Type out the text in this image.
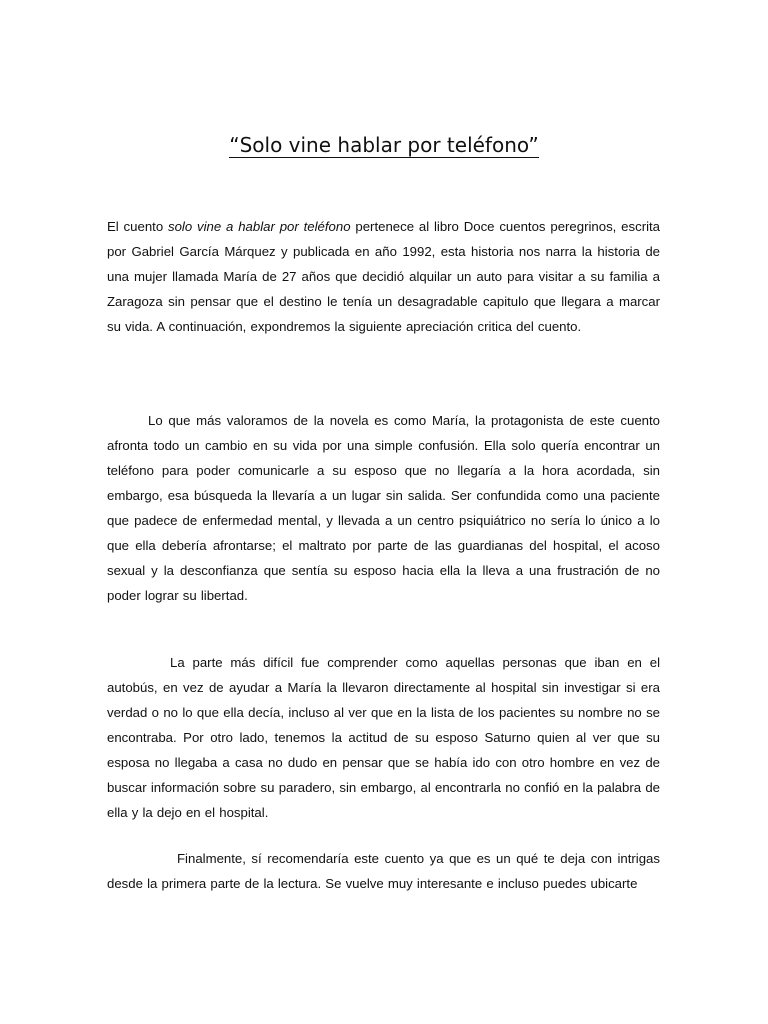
“Solo vine hablar por teléfono”

El cuento solo vine a hablar por teléfono pertenece al libro Doce cuentos peregrinos, escrita por Gabriel García Márquez y publicada en año 1992, esta historia nos narra la historia de una mujer llamada María de 27 años que decidió alquilar un auto para visitar a su familia a Zaragoza sin pensar que el destino le tenía un desagradable capitulo que llegara a marcar su vida. A continuación, expondremos la siguiente apreciación critica del cuento.

Lo que más valoramos de la novela es como María, la protagonista de este cuento afronta todo un cambio en su vida por una simple confusión. Ella solo quería encontrar un teléfono para poder comunicarle a su esposo que no llegaría a la hora acordada, sin embargo, esa búsqueda la llevaría a un lugar sin salida. Ser confundida como una paciente que padece de enfermedad mental, y llevada a un centro psiquiátrico no sería lo único a lo que ella debería afrontarse; el maltrato por parte de las guardianas del hospital, el acoso sexual y la desconfianza que sentía su esposo hacia ella la lleva a una frustración de no poder lograr su libertad.

La parte más difícil fue comprender como aquellas personas que iban en el autobús, en vez de ayudar a María la llevaron directamente al hospital sin investigar si era verdad o no lo que ella decía, incluso al ver que en la lista de los pacientes su nombre no se encontraba. Por otro lado, tenemos la actitud de su esposo Saturno quien al ver que su esposa no llegaba a casa no dudo en pensar que se había ido con otro hombre en vez de buscar información sobre su paradero, sin embargo, al encontrarla no confió en la palabra de ella y la dejo en el hospital.

Finalmente, sí recomendaría este cuento ya que es un qué te deja con intrigas desde la primera parte de la lectura. Se vuelve muy interesante e incluso puedes ubicarte
